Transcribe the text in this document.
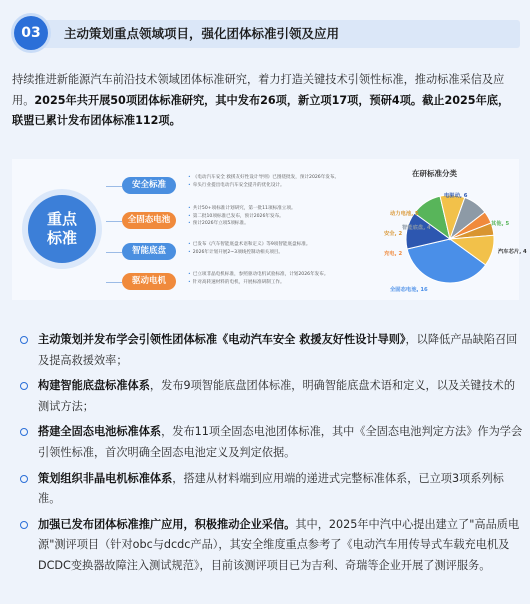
主动策划重点领域项目，强化团体标准引领及应用
03
持续推进新能源汽车前沿技术领域团体标准研究，着力打造关键技术引领性标准，推动标准采信及应用。2025年共开展50项团体标准研究，其中发布26项，新立项17项，预研4项。截止2025年底，联盟已累计发布团体标准112项。
重点
标准
安全标准
• 《电动汽车安全 救援友好性设计导则》已围绕批发，预计2026年发布。
• 牵头行业提出电动汽车安全提升的优化设计。
全固态电池
• 共计50+项标准计划研究，第一批11项标准立项。
• 第二批10项标准已发布，预计2026年发布。
• 预计2026年立项5项标准。
智能底盘
• 已发布《汽车智能底盘术语和定义》等9项智能底盘标准。
• 2026年计划开展2~3项线控制动相关项目。
驱动电机
• 已立项非晶电机标准，参照驱动电机试验标准，计划2026年发布。
• 针对高转速材料的电机，开展标准研制工作。
在研标准分类
电驱动, 6
其他, 5
汽车芯片, 4
全固态电池, 16
安全, 2
动力电池, 5
充电, 2
智能底盘, 4
主动策划并发布学会引领性团体标准《电动汽车安全 救援友好性设计导则》，以降低产品缺陷召回及提高救援效率；
构建智能底盘标准体系，发布9项智能底盘团体标准，明确智能底盘术语和定义，以及关键技术的测试方法；
搭建全固态电池标准体系，发布11项全固态电池团体标准，其中《全固态电池判定方法》作为学会引领性标准，首次明确全固态电池定义及判定依据。
策划组织非晶电机标准体系，搭建从材料端到应用端的递进式完整标准体系，已立项3项系列标准。
加强已发布团体标准推广应用，积极推动企业采信。其中，2025年中汽中心提出建立了"高品质电源"测评项目（针对obc与dcdc产品），其安全维度重点参考了《电动汽车用传导式车载充电机及DCDC变换器故障注入测试规范》，目前该测评项目已为吉利、奇瑞等企业开展了测评服务。
